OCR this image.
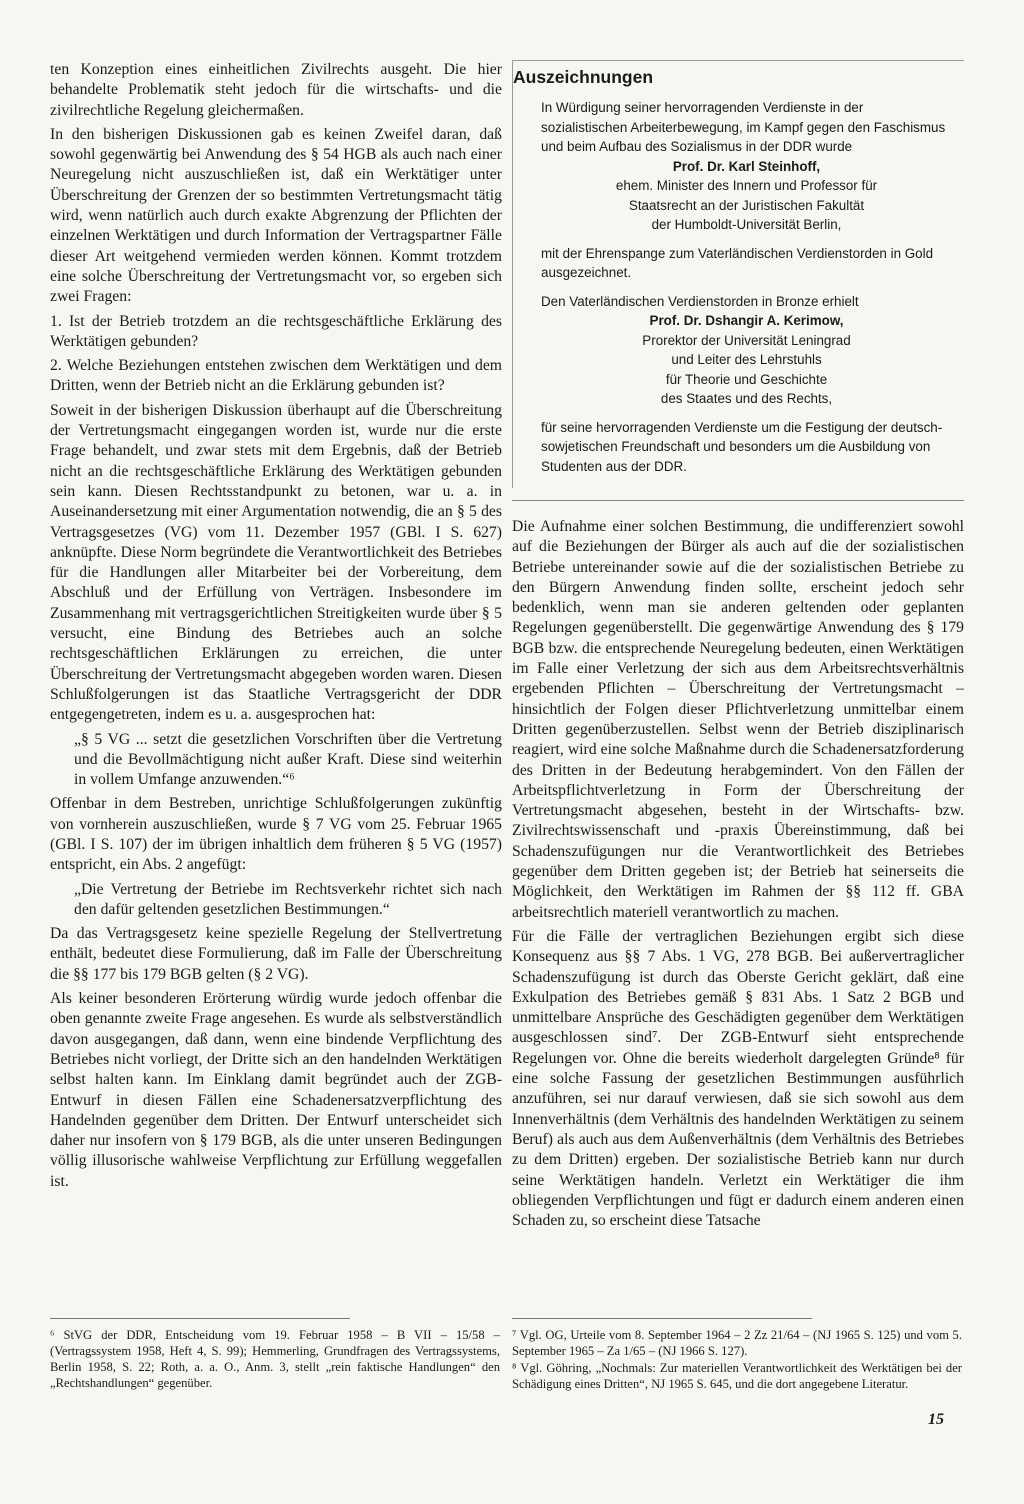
ten Konzeption eines einheitlichen Zivilrechts ausgeht. Die hier behandelte Problematik steht jedoch für die wirtschafts- und die zivilrechtliche Regelung gleichermaßen.

In den bisherigen Diskussionen gab es keinen Zweifel daran, daß sowohl gegenwärtig bei Anwendung des § 54 HGB als auch nach einer Neuregelung nicht auszuschließen ist, daß ein Werktätiger unter Überschreitung der Grenzen der so bestimmten Vertretungsmacht tätig wird, wenn natürlich auch durch exakte Abgrenzung der Pflichten der einzelnen Werktätigen und durch Information der Vertragspartner Fälle dieser Art weitgehend vermieden werden können. Kommt trotzdem eine solche Überschreitung der Vertretungsmacht vor, so ergeben sich zwei Fragen:

1. Ist der Betrieb trotzdem an die rechtsgeschäftliche Erklärung des Werktätigen gebunden?

2. Welche Beziehungen entstehen zwischen dem Werktätigen und dem Dritten, wenn der Betrieb nicht an die Erklärung gebunden ist?

Soweit in der bisherigen Diskussion überhaupt auf die Überschreitung der Vertretungsmacht eingegangen worden ist, wurde nur die erste Frage behandelt, und zwar stets mit dem Ergebnis, daß der Betrieb nicht an die rechtsgeschäftliche Erklärung des Werktätigen gebunden sein kann. Diesen Rechtsstandpunkt zu betonen, war u. a. in Auseinandersetzung mit einer Argumentation notwendig, die an § 5 des Vertragsgesetzes (VG) vom 11. Dezember 1957 (GBl. I S. 627) anknüpfte. Diese Norm begründete die Verantwortlichkeit des Betriebes für die Handlungen aller Mitarbeiter bei der Vorbereitung, dem Abschluß und der Erfüllung von Verträgen. Insbesondere im Zusammenhang mit vertragsgerichtlichen Streitigkeiten wurde über § 5 versucht, eine Bindung des Betriebes auch an solche rechtsgeschäftlichen Erklärungen zu erreichen, die unter Überschreitung der Vertretungsmacht abgegeben worden waren. Diesen Schlußfolgerungen ist das Staatliche Vertragsgericht der DDR entgegengetreten, indem es u. a. ausgesprochen hat:

„§ 5 VG ... setzt die gesetzlichen Vorschriften über die Vertretung und die Bevollmächtigung nicht außer Kraft. Diese sind weiterhin in vollem Umfange anzuwenden.“⁶

Offenbar in dem Bestreben, unrichtige Schlußfolgerungen zukünftig von vornherein auszuschließen, wurde § 7 VG vom 25. Februar 1965 (GBl. I S. 107) der im übrigen inhaltlich dem früheren § 5 VG (1957) entspricht, ein Abs. 2 angefügt:

„Die Vertretung der Betriebe im Rechtsverkehr richtet sich nach den dafür geltenden gesetzlichen Bestimmungen.“

Da das Vertragsgesetz keine spezielle Regelung der Stellvertretung enthält, bedeutet diese Formulierung, daß im Falle der Überschreitung die §§ 177 bis 179 BGB gelten (§ 2 VG).

Als keiner besonderen Erörterung würdig wurde jedoch offenbar die oben genannte zweite Frage angesehen. Es wurde als selbstverständlich davon ausgegangen, daß dann, wenn eine bindende Verpflichtung des Betriebes nicht vorliegt, der Dritte sich an den handelnden Werktätigen selbst halten kann. Im Einklang damit begründet auch der ZGB-Entwurf in diesen Fällen eine Schadenersatzverpflichtung des Handelnden gegenüber dem Dritten. Der Entwurf unterscheidet sich daher nur insofern von § 179 BGB, als die unter unseren Bedingungen völlig illusorische wahlweise Verpflichtung zur Erfüllung weggefallen ist.

Auszeichnungen

In Würdigung seiner hervorragenden Verdienste in der sozialistischen Arbeiterbewegung, im Kampf gegen den Faschismus und beim Aufbau des Sozialismus in der DDR wurde

Prof. Dr. Karl Steinhoff,

ehem. Minister des Innern und Professor für

Staatsrecht an der Juristischen Fakultät

der Humboldt-Universität Berlin,

mit der Ehrenspange zum Vaterländischen Verdienstorden in Gold ausgezeichnet.

Den Vaterländischen Verdienstorden in Bronze erhielt

Prof. Dr. Dshangir A. Kerimow,

Prorektor der Universität Leningrad

und Leiter des Lehrstuhls

für Theorie und Geschichte

des Staates und des Rechts,

für seine hervorragenden Verdienste um die Festigung der deutsch-sowjetischen Freundschaft und besonders um die Ausbildung von Studenten aus der DDR.

Die Aufnahme einer solchen Bestimmung, die undifferenziert sowohl auf die Beziehungen der Bürger als auch auf die der sozialistischen Betriebe untereinander sowie auf die der sozialistischen Betriebe zu den Bürgern Anwendung finden sollte, erscheint jedoch sehr bedenklich, wenn man sie anderen geltenden oder geplanten Regelungen gegenüberstellt. Die gegenwärtige Anwendung des § 179 BGB bzw. die entsprechende Neuregelung bedeuten, einen Werktätigen im Falle einer Verletzung der sich aus dem Arbeitsrechtsverhältnis ergebenden Pflichten – Überschreitung der Vertretungsmacht – hinsichtlich der Folgen dieser Pflichtverletzung unmittelbar einem Dritten gegenüberzustellen. Selbst wenn der Betrieb disziplinarisch reagiert, wird eine solche Maßnahme durch die Schadenersatzforderung des Dritten in der Bedeutung herabgemindert. Von den Fällen der Arbeitspflichtverletzung in Form der Überschreitung der Vertretungsmacht abgesehen, besteht in der Wirtschafts- bzw. Zivilrechtswissenschaft und -praxis Übereinstimmung, daß bei Schadenszufügungen nur die Verantwortlichkeit des Betriebes gegenüber dem Dritten gegeben ist; der Betrieb hat seinerseits die Möglichkeit, den Werktätigen im Rahmen der §§ 112 ff. GBA arbeitsrechtlich materiell verantwortlich zu machen.

Für die Fälle der vertraglichen Beziehungen ergibt sich diese Konsequenz aus §§ 7 Abs. 1 VG, 278 BGB. Bei außervertraglicher Schadenszufügung ist durch das Oberste Gericht geklärt, daß eine Exkulpation des Betriebes gemäß § 831 Abs. 1 Satz 2 BGB und unmittelbare Ansprüche des Geschädigten gegenüber dem Werktätigen ausgeschlossen sind⁷. Der ZGB-Entwurf sieht entsprechende Regelungen vor. Ohne die bereits wiederholt dargelegten Gründe⁸ für eine solche Fassung der gesetzlichen Bestimmungen ausführlich anzuführen, sei nur darauf verwiesen, daß sie sich sowohl aus dem Innenverhältnis (dem Verhältnis des handelnden Werktätigen zu seinem Beruf) als auch aus dem Außenverhältnis (dem Verhältnis des Betriebes zu dem Dritten) ergeben. Der sozialistische Betrieb kann nur durch seine Werktätigen handeln. Verletzt ein Werktätiger die ihm obliegenden Verpflichtungen und fügt er dadurch einem anderen einen Schaden zu, so erscheint diese Tatsache

⁶ StVG der DDR, Entscheidung vom 19. Februar 1958 – B VII – 15/58 – (Vertragssystem 1958, Heft 4, S. 99); Hemmerling, Grundfragen des Vertragssystems, Berlin 1958, S. 22; Roth, a. a. O., Anm. 3, stellt „rein faktische Handlungen“ den „Rechtshandlungen“ gegenüber.

⁷ Vgl. OG, Urteile vom 8. September 1964 – 2 Zz 21/64 – (NJ 1965 S. 125) und vom 5. September 1965 – Za 1/65 – (NJ 1966 S. 127).

⁸ Vgl. Göhring, „Nochmals: Zur materiellen Verantwortlichkeit des Werktätigen bei der Schädigung eines Dritten“, NJ 1965 S. 645, und die dort angegebene Literatur.

15
